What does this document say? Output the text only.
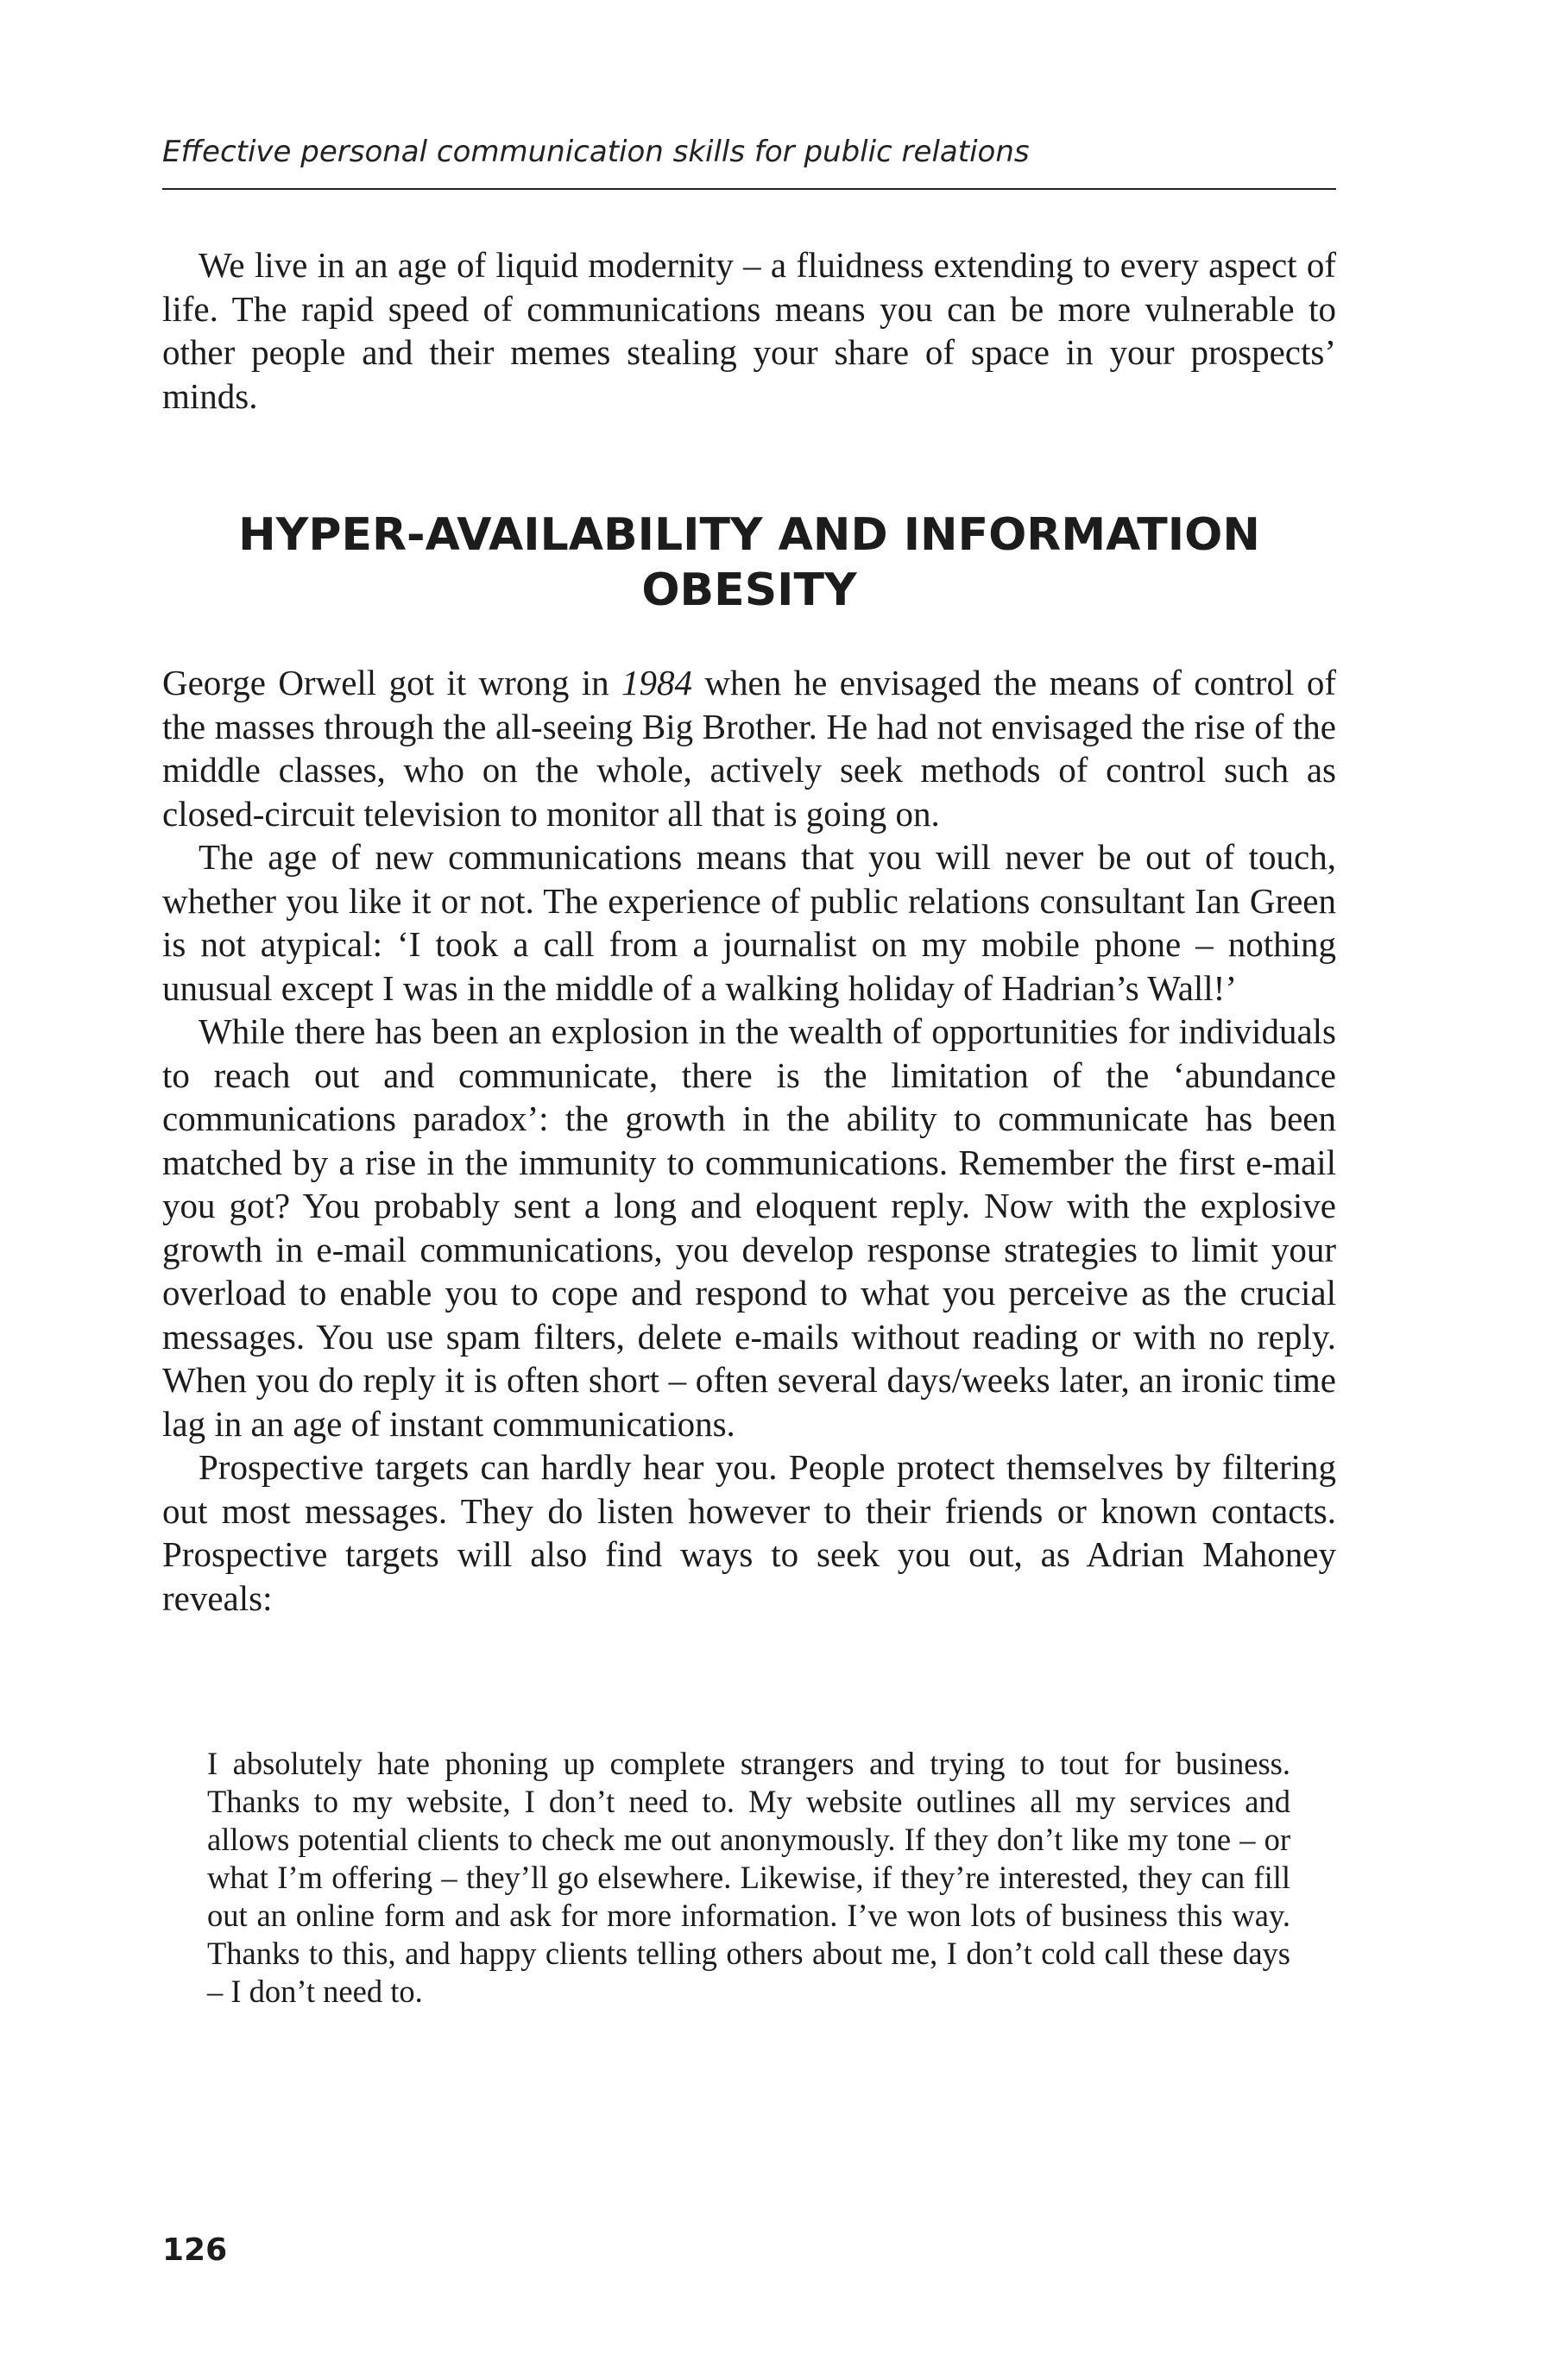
Effective personal communication skills for public relations

We live in an age of liquid modernity – a fluidness extending to every aspect of life. The rapid speed of communications means you can be more vulnerable to other people and their memes stealing your share of space in your prospects’ minds.

HYPER-AVAILABILITY AND INFORMATION
OBESITY

George Orwell got it wrong in 1984 when he envisaged the means of control of the masses through the all-seeing Big Brother. He had not envisaged the rise of the middle classes, who on the whole, actively seek methods of control such as closed-circuit television to monitor all that is going on.

The age of new communications means that you will never be out of touch, whether you like it or not. The experience of public relations consultant Ian Green is not atypical: ‘I took a call from a journalist on my mobile phone – nothing unusual except I was in the middle of a walking holiday of Hadrian’s Wall!’

While there has been an explosion in the wealth of opportunities for individuals to reach out and communicate, there is the limitation of the ‘abundance communications paradox’: the growth in the ability to communicate has been matched by a rise in the immunity to communications. Remember the first e-mail you got? You probably sent a long and eloquent reply. Now with the explosive growth in e-mail communications, you develop response strategies to limit your overload to enable you to cope and respond to what you perceive as the crucial messages. You use spam filters, delete e-mails without reading or with no reply. When you do reply it is often short – often several days/weeks later, an ironic time lag in an age of instant communications.

Prospective targets can hardly hear you. People protect themselves by filtering out most messages. They do listen however to their friends or known contacts. Prospective targets will also find ways to seek you out, as Adrian Mahoney reveals:

I absolutely hate phoning up complete strangers and trying to tout for business. Thanks to my website, I don’t need to. My website outlines all my services and allows potential clients to check me out anonymously. If they don’t like my tone – or what I’m offering – they’ll go elsewhere. Likewise, if they’re interested, they can fill out an online form and ask for more information. I’ve won lots of business this way. Thanks to this, and happy clients telling others about me, I don’t cold call these days – I don’t need to.

126
